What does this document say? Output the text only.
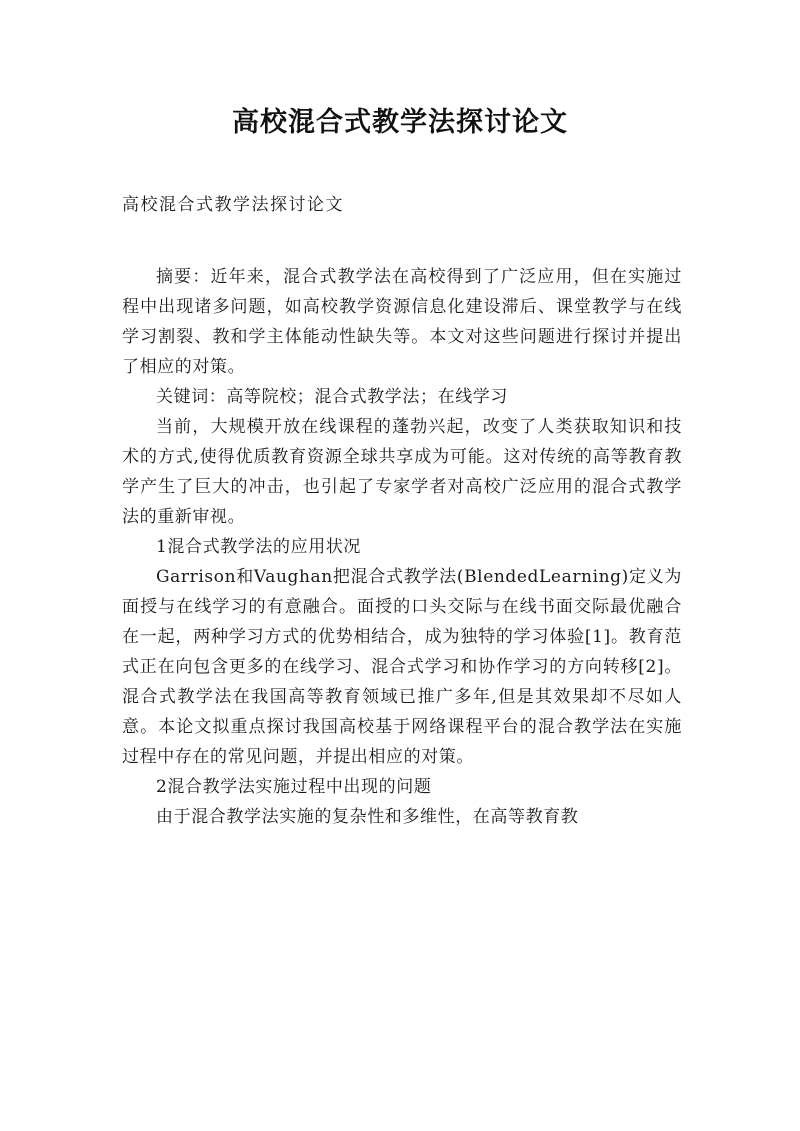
高校混合式教学法探讨论文
高校混合式教学法探讨论文

摘要：近年来，混合式教学法在高校得到了广泛应用，但在实施过程中出现诸多问题，如高校教学资源信息化建设滞后、课堂教学与在线学习割裂、教和学主体能动性缺失等。本文对这些问题进行探讨并提出了相应的对策。

关键词：高等院校；混合式教学法；在线学习

当前，大规模开放在线课程的蓬勃兴起，改变了人类获取知识和技术的方式,使得优质教育资源全球共享成为可能。这对传统的高等教育教学产生了巨大的冲击，也引起了专家学者对高校广泛应用的混合式教学法的重新审视。

1混合式教学法的应用状况

Garrison和Vaughan把混合式教学法(BlendedLearning)定义为面授与在线学习的有意融合。面授的口头交际与在线书面交际最优融合在一起，两种学习方式的优势相结合，成为独特的学习体验[1]。教育范式正在向包含更多的在线学习、混合式学习和协作学习的方向转移[2]。混合式教学法在我国高等教育领域已推广多年,但是其效果却不尽如人意。本论文拟重点探讨我国高校基于网络课程平台的混合教学法在实施过程中存在的常见问题，并提出相应的对策。

2混合教学法实施过程中出现的问题

由于混合教学法实施的复杂性和多维性，在高等教育教
